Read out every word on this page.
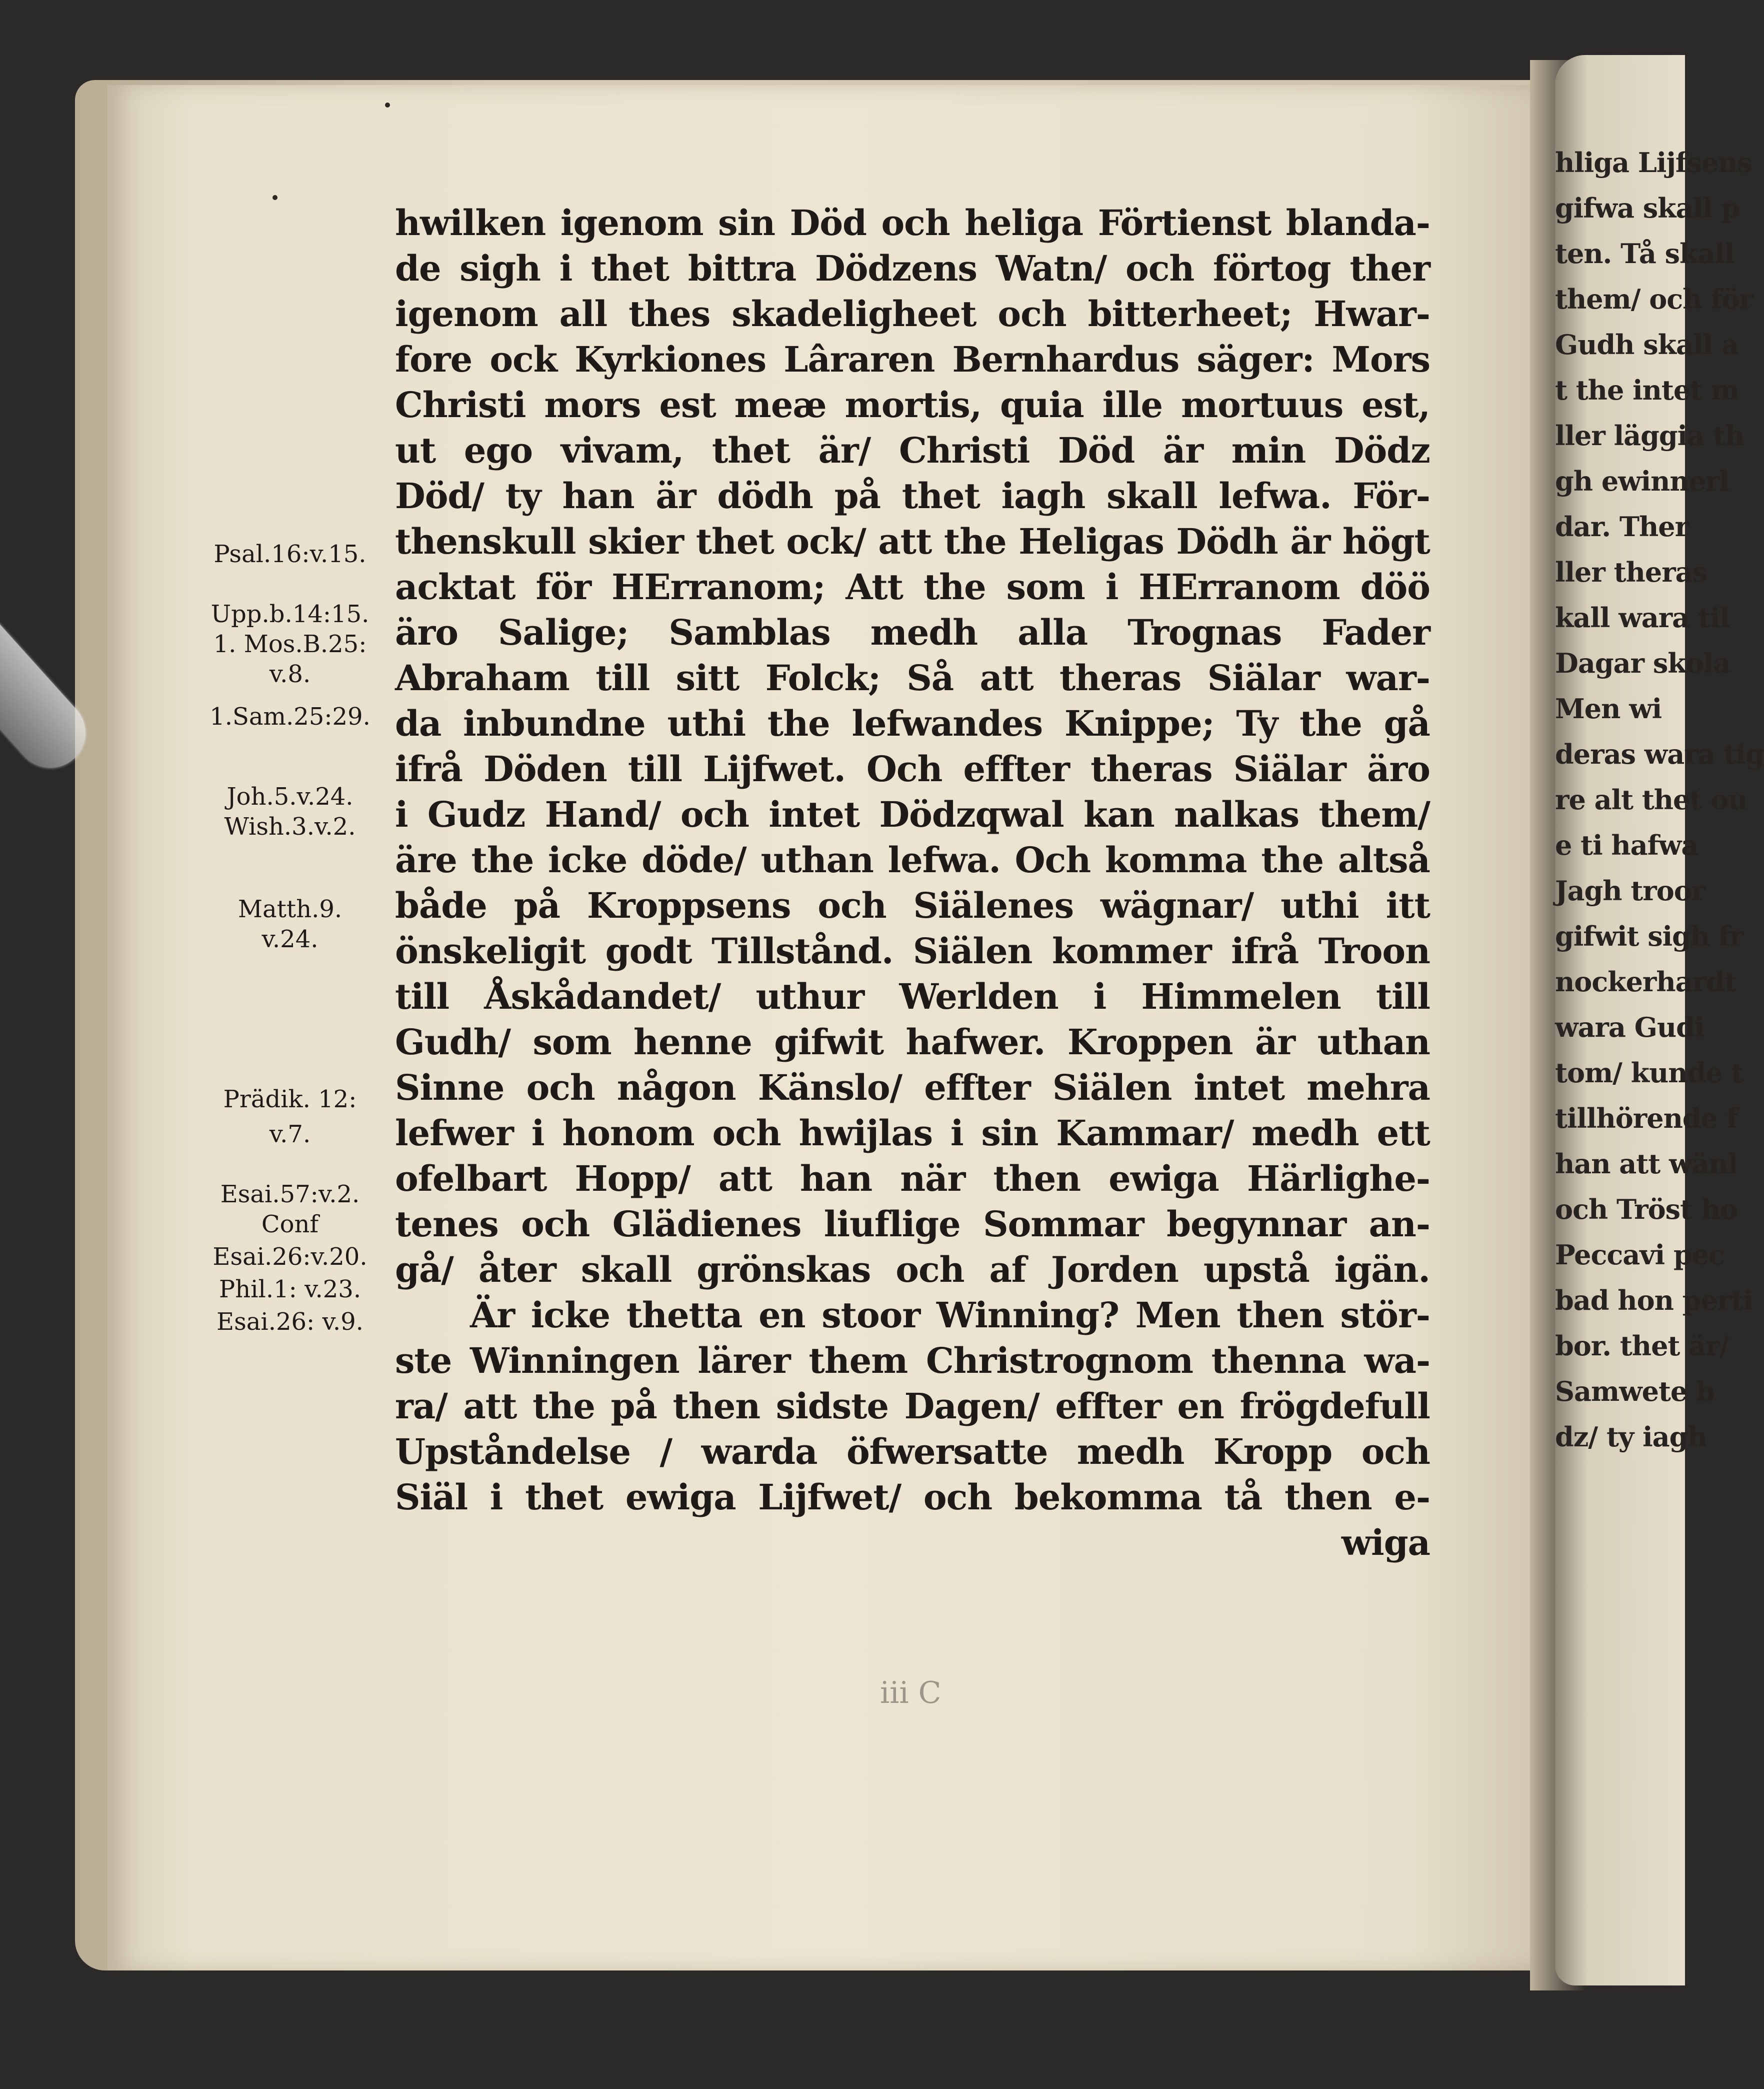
hliga Lijfsens
gifwa skall p
ten. Tå skall
them/ och för
Gudh skall a
t the intet m
ller läggia th
gh ewinnerl
dar. Ther
ller theras
kall wara til
Dagar skola
Men wi
deras wara tig
re alt thet ou
e ti hafwa
Jagh troor
gifwit sigh fr
nockerhardt
wara Gudi
tom/ kunde t
tillhörende f
han att wänl
och Tröst ho
Peccavi pec
bad hon perti
bor. thet är/
Samwete b
dz/ ty iagh
Psal.16:v.15.
Upp.b.14:15.
1. Mos.B.25:
v.8.
1.Sam.25:29.
Joh.5.v.24.
Wish.3.v.2.
Matth.9.
v.24.
Prädik. 12:
v.7.
Esai.57:v.2.
Conf
Esai.26:v.20.
Phil.1: v.23.
Esai.26: v.9.
hwilken igenom sin Död och heliga Förtienst blanda-
de sigh i thet bittra Dödzens Watn/ och förtog ther
igenom all thes skadeligheet och bitterheet; Hwar-
fore ock Kyrkiones Lâraren Bernhardus säger: Mors
Christi mors est meæ mortis, quia ille mortuus est,
ut ego vivam, thet är/ Christi Död är min Dödz
Död/ ty han är dödh på thet iagh skall lefwa. För-
thenskull skier thet ock/ att the Heligas Dödh är högt
acktat för HErranom; Att the som i HErranom döö
äro Salige; Samblas medh alla Trognas Fader
Abraham till sitt Folck; Så att theras Siälar war-
da inbundne uthi the lefwandes Knippe; Ty the gå
ifrå Döden till Lijfwet. Och effter theras Siälar äro
i Gudz Hand/ och intet Dödzqwal kan nalkas them/
äre the icke döde/ uthan lefwa. Och komma the altså
både på Kroppsens och Siälenes wägnar/ uthi itt
önskeligit godt Tillstånd. Siälen kommer ifrå Troon
till Åskådandet/ uthur Werlden i Himmelen till
Gudh/ som henne gifwit hafwer. Kroppen är uthan
Sinne och någon Känslo/ effter Siälen intet mehra
lefwer i honom och hwijlas i sin Kammar/ medh ett
ofelbart Hopp/ att han när then ewiga Härlighe-
tenes och Glädienes liuflige Sommar begynnar an-
gå/ åter skall grönskas och af Jorden upstå igän.
Är icke thetta en stoor Winning? Men then stör-
ste Winningen lärer them Christrognom thenna wa-
ra/ att the på then sidste Dagen/ effter en frögdefull
Upståndelse / warda öfwersatte medh Kropp och
Siäl i thet ewiga Lijfwet/ och bekomma tå then e-
wiga
iii C
